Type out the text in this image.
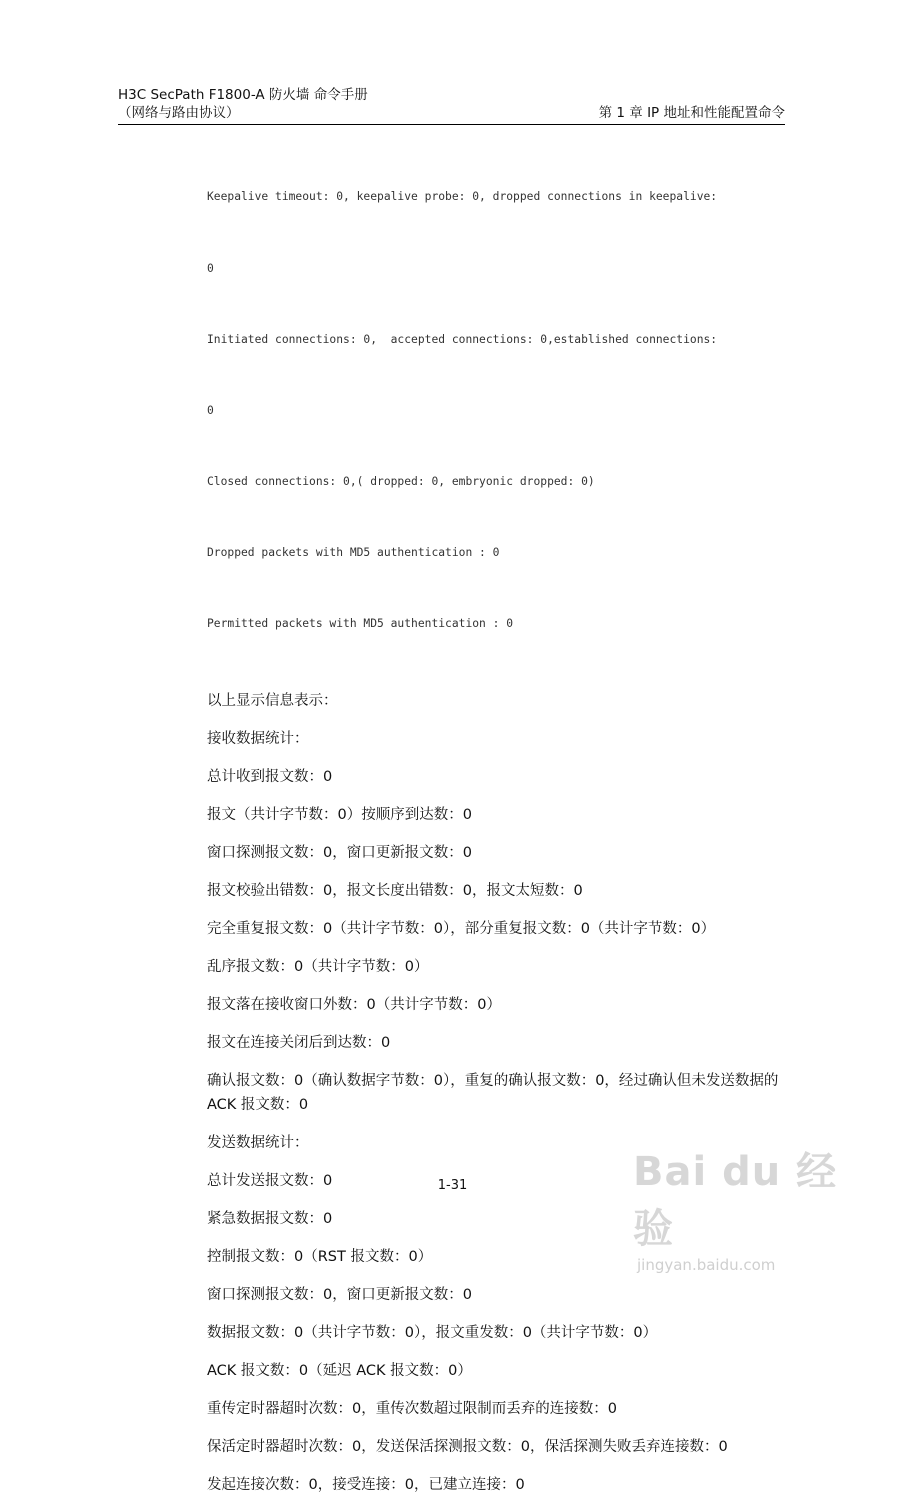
H3C SecPath F1800-A 防火墙 命令手册
（网络与路由协议）	第 1 章 IP 地址和性能配置命令

Keepalive timeout: 0, keepalive probe: 0, dropped connections in keepalive:

0

Initiated connections: 0,  accepted connections: 0,established connections:

0

Closed connections: 0,( dropped: 0, embryonic dropped: 0)

Dropped packets with MD5 authentication : 0

Permitted packets with MD5 authentication : 0

以上显示信息表示：
接收数据统计：
总计收到报文数：0
报文（共计字节数：0）按顺序到达数：0
窗口探测报文数：0，窗口更新报文数：0
报文校验出错数：0，报文长度出错数：0，报文太短数：0
完全重复报文数：0（共计字节数：0），部分重复报文数：0（共计字节数：0）
乱序报文数：0（共计字节数：0）
报文落在接收窗口外数：0（共计字节数：0）
报文在连接关闭后到达数：0
确认报文数：0（确认数据字节数：0），重复的确认报文数：0，经过确认但未发送数据的 ACK 报文数：0
发送数据统计：
总计发送报文数：0
紧急数据报文数：0
控制报文数：0（RST 报文数：0）
窗口探测报文数：0，窗口更新报文数：0
数据报文数：0（共计字节数：0），报文重发数：0（共计字节数：0）
ACK 报文数：0（延迟 ACK 报文数：0）
重传定时器超时次数：0，重传次数超过限制而丢弃的连接数：0
保活定时器超时次数：0，发送保活探测报文数：0，保活探测失败丢弃连接数：0
发起连接次数：0，接受连接：0，已建立连接：0
1-31	Bai du 经验
jingyan.baidu.com
